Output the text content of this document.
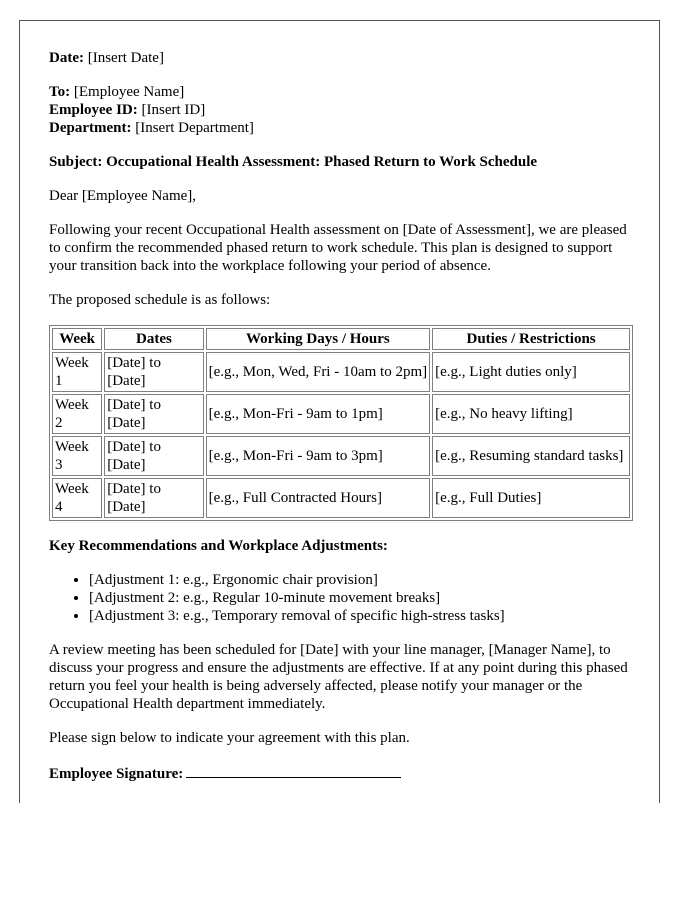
Date: [Insert Date]

To: [Employee Name]

Employee ID: [Insert ID]

Department: [Insert Department]

Subject: Occupational Health Assessment: Phased Return to Work Schedule

Dear [Employee Name],

Following your recent Occupational Health assessment on [Date of Assessment], we are pleased to confirm the recommended phased return to work schedule. This plan is designed to support your transition back into the workplace following your period of absence.

The proposed schedule is as follows:

Week	Dates	Working Days / Hours	Duties / Restrictions
Week 1	[Date] to [Date]	[e.g., Mon, Wed, Fri - 10am to 2pm]	[e.g., Light duties only]
Week 2	[Date] to [Date]	[e.g., Mon-Fri - 9am to 1pm]	[e.g., No heavy lifting]
Week 3	[Date] to [Date]	[e.g., Mon-Fri - 9am to 3pm]	[e.g., Resuming standard tasks]
Week 4	[Date] to [Date]	[e.g., Full Contracted Hours]	[e.g., Full Duties]

Key Recommendations and Workplace Adjustments:

• [Adjustment 1: e.g., Ergonomic chair provision]
• [Adjustment 2: e.g., Regular 10-minute movement breaks]
• [Adjustment 3: e.g., Temporary removal of specific high-stress tasks]

A review meeting has been scheduled for [Date] with your line manager, [Manager Name], to discuss your progress and ensure the adjustments are effective. If at any point during this phased return you feel your health is being adversely affected, please notify your manager or the Occupational Health department immediately.

Please sign below to indicate your agreement with this plan.

Employee Signature:
